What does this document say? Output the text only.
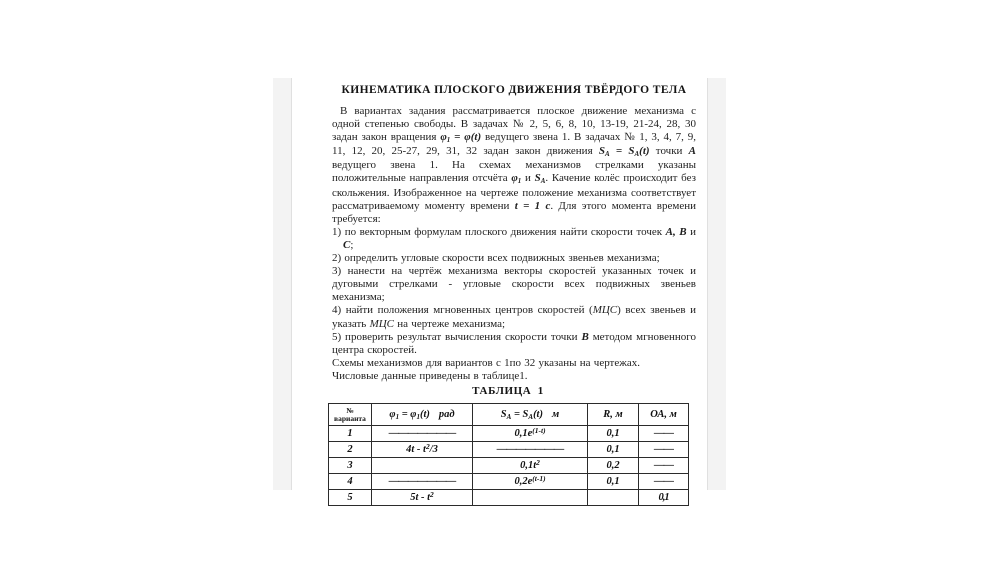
КИНЕМАТИКА ПЛОСКОГО ДВИЖЕНИЯ ТВЁРДОГО ТЕЛА

В вариантах задания рассматривается плоское движение механизма с одной степенью свободы. В задачах № 2, 5, 6, 8, 10, 13-19, 21-24, 28, 30 задан закон вращения $\varphi_1 = \varphi(t)$ ведущего звена 1. В задачах № 1, 3, 4, 7, 9, 11, 12, 20, 25-27, 29, 31, 32 задан закон движения $S_A = S_A(t)$ точки А ведущего звена 1. На схемах механизмов стрелками указаны положительные направления отсчёта $\varphi_1$ и $S_A$. Качение колёс происходит без скольжения. Изображенное на чертеже положение механизма соответствует рассматриваемому моменту времени t = 1 с. Для этого момента времени требуется:

1) по векторным формулам плоского движения найти скорости точек А, В и С;

2) определить угловые скорости всех подвижных звеньев механизма;

3) нанести на чертёж механизма векторы скоростей указанных точек и дуговыми стрелками - угловые скорости всех подвижных звеньев механизма;

4) найти положения мгновенных центров скоростей (МЦС) всех звеньев и указать МЦС на чертеже механизма;

5) проверить результат вычисления скорости точки В методом мгновенного центра скоростей.

Схемы механизмов для вариантов с 1по 32 указаны на чертежах.

Числовые данные приведены в таблице1.

ТАБЛИЦА 1
№
варианта	$\varphi_1 = \varphi_1(t)$ рад	$S_A = S_A(t)$ м	R, м	ОА, м
1	———————	$0,1e^{(1-t)}$	0,1	——
2	$4t - t^2/3$	———————	0,1	——
3		$0,1t^2$	0,2	——
4	———————	$0,2e^{(t-1)}$	0,1	——
5	$5t - t^2$			0,1
